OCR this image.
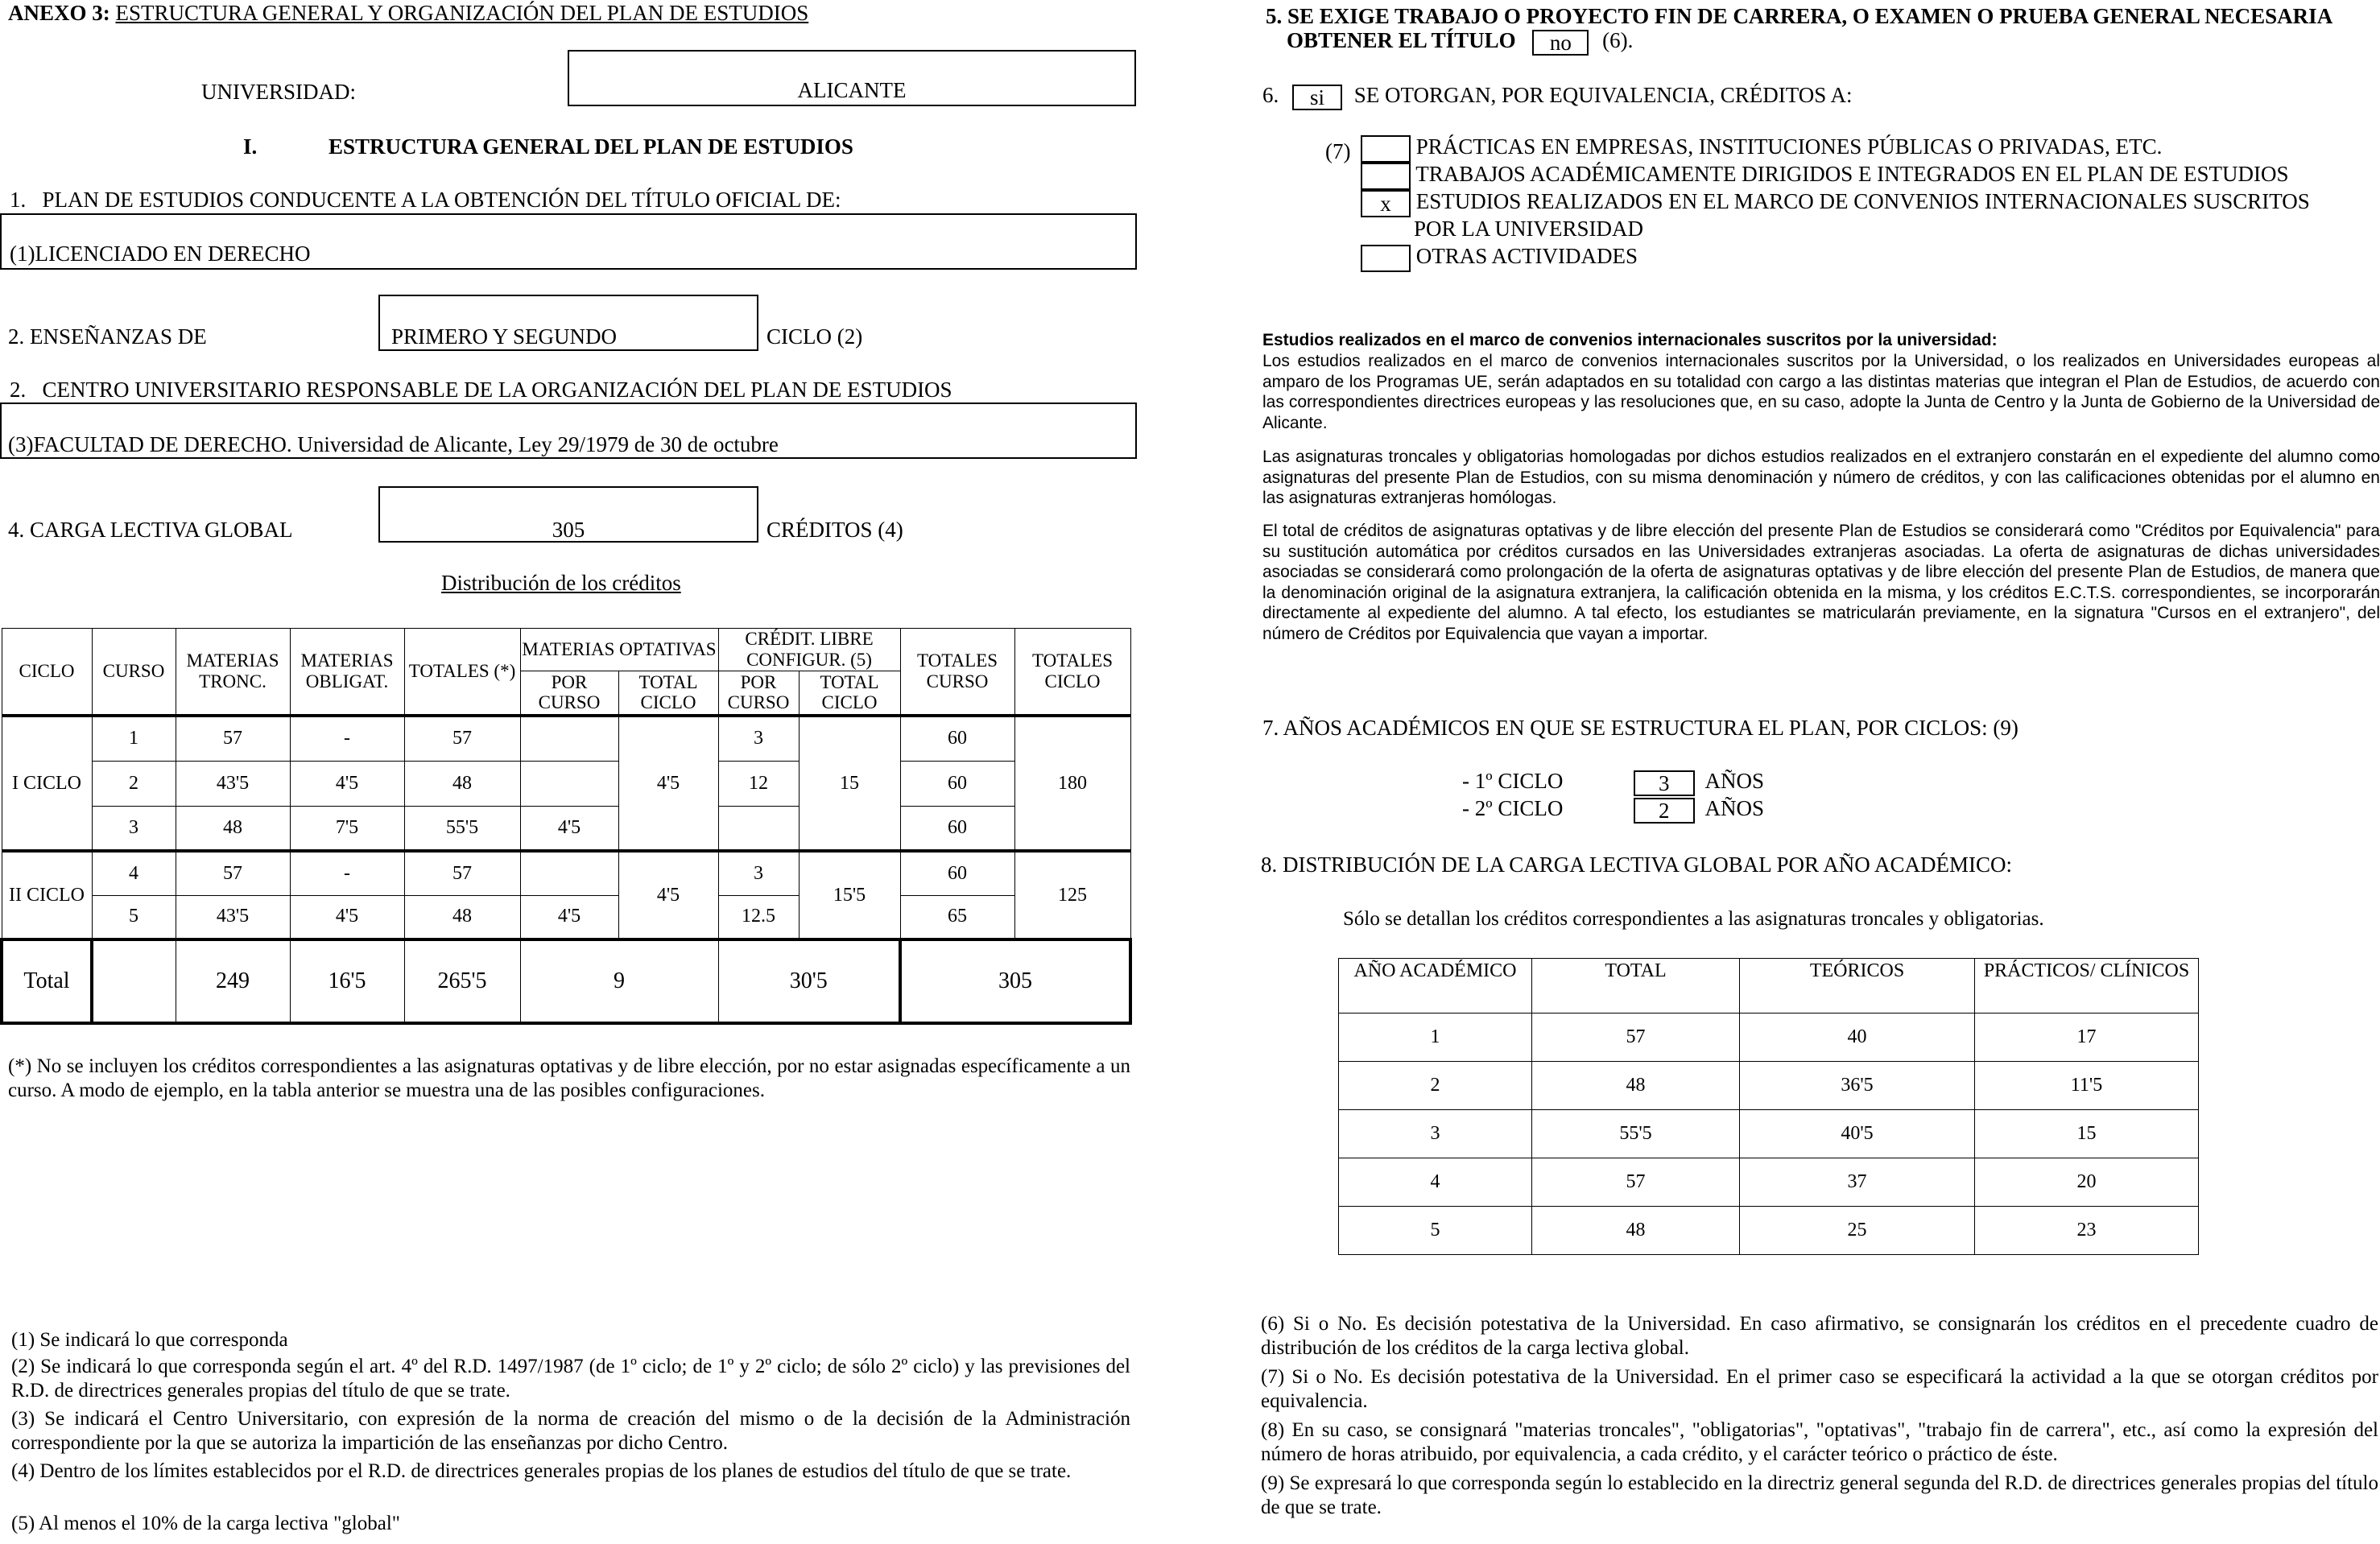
ANEXO 3: ESTRUCTURA GENERAL Y ORGANIZACIÓN DEL PLAN DE ESTUDIOS
UNIVERSIDAD:	ALICANTE
I.	ESTRUCTURA GENERAL DEL PLAN DE ESTUDIOS
1. PLAN DE ESTUDIOS CONDUCENTE A LA OBTENCIÓN DEL TÍTULO OFICIAL DE:
(1)LICENCIADO EN DERECHO
2. ENSEÑANZAS DE	PRIMERO Y SEGUNDO	CICLO (2)
2. CENTRO UNIVERSITARIO RESPONSABLE DE LA ORGANIZACIÓN DEL PLAN DE ESTUDIOS
(3)FACULTAD DE DERECHO. Universidad de Alicante, Ley 29/1979 de 30 de octubre
4. CARGA LECTIVA GLOBAL	305	CRÉDITOS (4)
Distribución de los créditos
CICLO	CURSO	MATERIAS TRONC.	MATERIAS OBLIGAT.	TOTALES (*)	MATERIAS OPTATIVAS		CRÉDIT. LIBRE CONFIGUR. (5)		TOTALES CURSO	TOTALES CICLO
					POR CURSO	TOTAL CICLO	POR CURSO	TOTAL CICLO		
I CICLO	1	57	-	57		4'5	3	15	60	180
	2	43'5	4'5	48			12		60	
	3	48	7'5	55'5	4'5				60	
II CICLO	4	57	-	57		4'5	3	15'5	60	125
	5	43'5	4'5	48	4'5		12.5		65	
Total		249	16'5	265'5	9		30'5		305	
(*) No se incluyen los créditos correspondientes a las asignaturas optativas y de libre elección, por no estar asignadas específicamente a un curso. A modo de ejemplo, en la tabla anterior se muestra una de las posibles configuraciones.
(1) Se indicará lo que corresponda
(2) Se indicará lo que corresponda según el art. 4º del R.D. 1497/1987 (de 1º ciclo; de 1º y 2º ciclo; de sólo 2º ciclo) y las previsiones del R.D. de directrices generales propias del título de que se trate.
(3) Se indicará el Centro Universitario, con expresión de la norma de creación del mismo o de la decisión de la Administración correspondiente por la que se autoriza la impartición de las enseñanzas por dicho Centro.
(4) Dentro de los límites establecidos por el R.D. de directrices generales propias de los planes de estudios del título de que se trate.
(5) Al menos el 10% de la carga lectiva "global"
5. SE EXIGE TRABAJO O PROYECTO FIN DE CARRERA, O EXAMEN O PRUEBA GENERAL NECESARIA
OBTENER EL TÍTULO no (6).
6. si SE OTORGAN, POR EQUIVALENCIA, CRÉDITOS A:
(7)	PRÁCTICAS EN EMPRESAS, INSTITUCIONES PÚBLICAS O PRIVADAS, ETC.
TRABAJOS ACADÉMICAMENTE DIRIGIDOS E INTEGRADOS EN EL PLAN DE ESTUDIOS
x ESTUDIOS REALIZADOS EN EL MARCO DE CONVENIOS INTERNACIONALES SUSCRITOS
POR LA UNIVERSIDAD
OTRAS ACTIVIDADES
Estudios realizados en el marco de convenios internacionales suscritos por la universidad:
Los estudios realizados en el marco de convenios internacionales suscritos por la Universidad, o los realizados en Universidades europeas al amparo de los Programas UE, serán adaptados en su totalidad con cargo a las distintas materias que integran el Plan de Estudios, de acuerdo con las correspondientes directrices europeas y las resoluciones que, en su caso, adopte la Junta de Centro y la Junta de Gobierno de la Universidad de Alicante.
Las asignaturas troncales y obligatorias homologadas por dichos estudios realizados en el extranjero constarán en el expediente del alumno como asignaturas del presente Plan de Estudios, con su misma denominación y número de créditos, y con las calificaciones obtenidas por el alumno en las asignaturas extranjeras homólogas.
El total de créditos de asignaturas optativas y de libre elección del presente Plan de Estudios se considerará como "Créditos por Equivalencia" para su sustitución automática por créditos cursados en las Universidades extranjeras asociadas. La oferta de asignaturas de dichas universidades asociadas se considerará como prolongación de la oferta de asignaturas optativas y de libre elección del presente Plan de Estudios, de manera que la denominación original de la asignatura extranjera, la calificación obtenida en la misma, y los créditos E.C.T.S. correspondientes, se incorporarán directamente al expediente del alumno. A tal efecto, los estudiantes se matricularán previamente, en la signatura "Cursos en el extranjero", del número de Créditos por Equivalencia que vayan a importar.
7. AÑOS ACADÉMICOS EN QUE SE ESTRUCTURA EL PLAN, POR CICLOS: (9)
- 1º CICLO	3 AÑOS
- 2º CICLO	2 AÑOS
8. DISTRIBUCIÓN DE LA CARGA LECTIVA GLOBAL POR AÑO ACADÉMICO:
Sólo se detallan los créditos correspondientes a las asignaturas troncales y obligatorias.
AÑO ACADÉMICO	TOTAL	TEÓRICOS	PRÁCTICOS/ CLÍNICOS
1	57	40	17
2	48	36'5	11'5
3	55'5	40'5	15
4	57	37	20
5	48	25	23
(6) Si o No. Es decisión potestativa de la Universidad. En caso afirmativo, se consignarán los créditos en el precedente cuadro de distribución de los créditos de la carga lectiva global.
(7) Si o No. Es decisión potestativa de la Universidad. En el primer caso se especificará la actividad a la que se otorgan créditos por equivalencia.
(8) En su caso, se consignará "materias troncales", "obligatorias", "optativas", "trabajo fin de carrera", etc., así como la expresión del número de horas atribuido, por equivalencia, a cada crédito, y el carácter teórico o práctico de éste.
(9) Se expresará lo que corresponda según lo establecido en la directriz general segunda del R.D. de directrices generales propias del título de que se trate.
